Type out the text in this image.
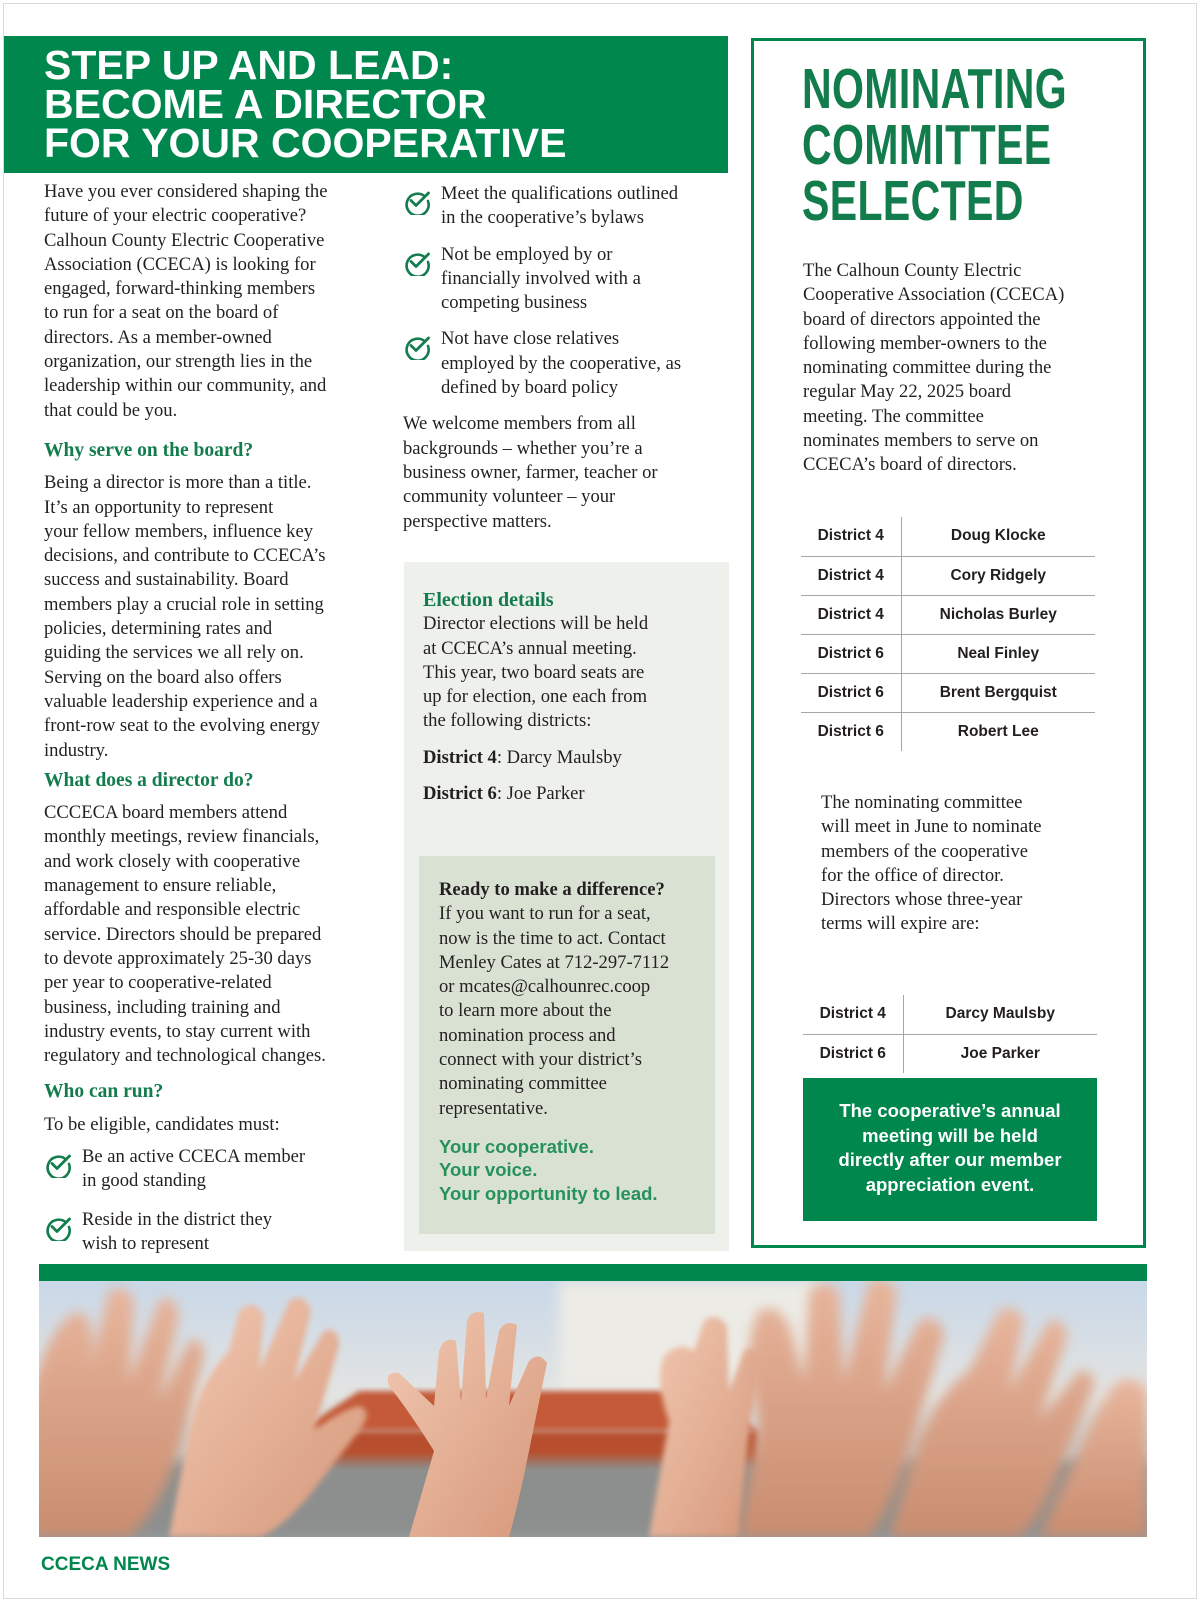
STEP UP AND LEAD:
BECOME A DIRECTOR
FOR YOUR COOPERATIVE

Have you ever considered shaping the

future of your electric cooperative?

Calhoun County Electric Cooperative

Association (CCECA) is looking for

engaged, forward-thinking members

to run for a seat on the board of

directors. As a member-owned

organization, our strength lies in the

leadership within our community, and

that could be you.

Why serve on the board?

Being a director is more than a title.

It’s an opportunity to represent

your fellow members, influence key

decisions, and contribute to CCECA’s

success and sustainability. Board

members play a crucial role in setting

policies, determining rates and

guiding the services we all rely on.

Serving on the board also offers

valuable leadership experience and a

front-row seat to the evolving energy

industry.

What does a director do?

CCCECA board members attend

monthly meetings, review financials,

and work closely with cooperative

management to ensure reliable,

affordable and responsible electric

service. Directors should be prepared

to devote approximately 25-30 days

per year to cooperative-related

business, including training and

industry events, to stay current with

regulatory and technological changes.

Who can run?

To be eligible, candidates must:

Be an active CCECA member
in good standing
Reside in the district they
wish to represent
Meet the qualifications outlined
in the cooperative’s bylaws
Not be employed by or
financially involved with a
competing business
Not have close relatives
employed by the cooperative, as
defined by board policy

We welcome members from all

backgrounds – whether you’re a

business owner, farmer, teacher or

community volunteer – your

perspective matters.

Election details

Director elections will be held

at CCECA’s annual meeting.

This year, two board seats are

up for election, one each from

the following districts:

District 4: Darcy Maulsby

District 6: Joe Parker

Ready to make a difference?

If you want to run for a seat,

now is the time to act. Contact

Menley Cates at 712-297-7112

or mcates@calhounrec.coop

to learn more about the

nomination process and

connect with your district’s

nominating committee

representative.

Your cooperative.
Your voice.
Your opportunity to lead.
NOMINATING
COMMITTEE
SELECTED

The Calhoun County Electric

Cooperative Association (CCECA)

board of directors appointed the

following member-owners to the

nominating committee during the

regular May 22, 2025 board

meeting. The committee

nominates members to serve on

CCECA’s board of directors.

District 4	Doug Klocke
District 4	Cory Ridgely
District 4	Nicholas Burley
District 6	Neal Finley
District 6	Brent Bergquist
District 6	Robert Lee

The nominating committee

will meet in June to nominate

members of the cooperative

for the office of director.

Directors whose three-year

terms will expire are:

District 4	Darcy Maulsby
District 6	Joe Parker
The cooperative’s annual
meeting will be held
directly after our member
appreciation event.
CCECA NEWS
